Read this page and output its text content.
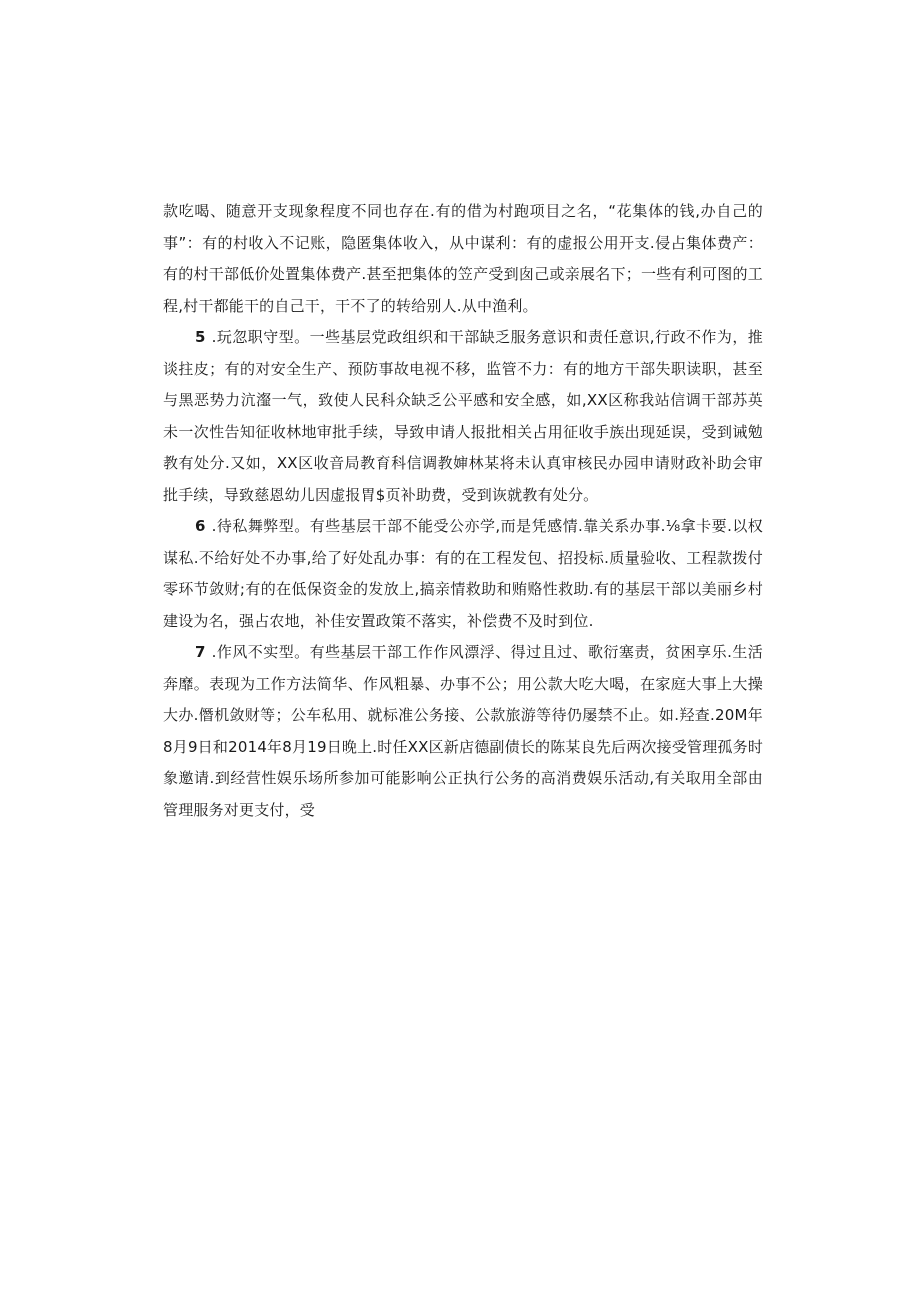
款吃喝、随意开支现象程度不同也存在.有的借为村跑项目之名，“花集体的钱,办自己的事”：有的村收入不记账，隐匿集体收入，从中谋利：有的虚报公用开支.侵占集体费产：有的村干部低价处置集体费产.甚至把集体的笠产受到囱己或亲展名下；一些有利可图的工程,村干都能干的自己干，干不了的转给别人.从中渔利。

5 .玩忽职守型。一些基层党政组织和干部缺乏服务意识和责任意识,行政不作为，推谈拄皮；有的对安全生产、预防事故电视不移，监管不力：有的地方干部失职读职，甚至与黑恶势力沆瀣一气，致使人民科众缺乏公平感和安全感，如,XX区称我站信调干部苏英未一次性告知征收林地审批手续，导致申请人报批相关占用征收手族出现延误，受到诫勉教有处分.又如，XX区收音局教育科信调教婶林某将未认真审核民办园申请财政补助会审批手续，导致慈恩幼儿因虚报胃$页补助费，受到诙就教有处分。

6 .待私舞弊型。有些基层干部不能受公亦学,而是凭感情.靠关系办事.⅛拿卡要.以权谋私.不给好处不办事,给了好处乱办事：有的在工程发包、招投标.质量验收、工程款拨付零环节敛财;有的在低保资金的发放上,搞亲情救助和贿赂性救助.有的基层干部以美丽乡村建设为名，强占农地，补佳安置政策不落实，补偿费不及时到位.

7 .作风不实型。有些基层干部工作作风漂浮、得过且过、歌衍塞责，贫困享乐.生活奔靡。表现为工作方法简华、作风粗暴、办事不公；用公款大吃大喝，在家庭大事上大操大办.僭机敛财等；公车私用、就标准公务接、公款旅游等待仍屡禁不止。如.羟查.20M年8月9日和2014年8月19日晚上.时任XX区新店德副债长的陈某良先后两次接受管理孤务时象邀请.到经营性娱乐场所参加可能影响公正执行公务的高消费娱乐活动,有关取用全部由管理服务对更支付，受
